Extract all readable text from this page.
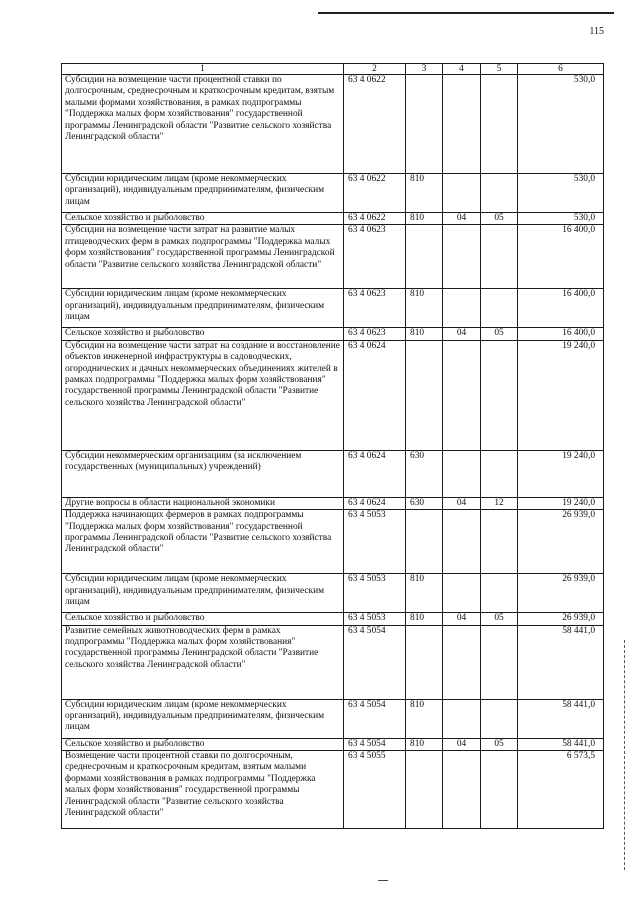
115
1	2	3	4	5	6
Субсидии на возмещение части процентной ставки по долгосрочным, среднесрочным и краткосрочным кредитам, взятым малыми формами хозяйствования, в рамках подпрограммы "Поддержка малых форм хозяйствования" государственной программы Ленинградской области "Развитие сельского хозяйства Ленинградской области"	63 4 0622				530,0
Субсидии юридическим лицам (кроме некоммерческих организаций), индивидуальным предпринимателям, физическим лицам	63 4 0622	810			530,0
Сельское хозяйство и рыболовство	63 4 0622	810	04	05	530,0
Субсидии на возмещение части затрат на развитие малых птицеводческих ферм в рамках подпрограммы "Поддержка малых форм хозяйствования" государственной программы Ленинградской области "Развитие сельского хозяйства Ленинградской области"	63 4 0623				16 400,0
Субсидии юридическим лицам (кроме некоммерческих организаций), индивидуальным предпринимателям, физическим лицам	63 4 0623	810			16 400,0
Сельское хозяйство и рыболовство	63 4 0623	810	04	05	16 400,0
Субсидии на возмещение части затрат на создание и восстановление объектов инженерной инфраструктуры в садоводческих, огороднических и дачных некоммерческих объединениях жителей в рамках подпрограммы "Поддержка малых форм хозяйствования" государственной программы Ленинградской области "Развитие сельского хозяйства Ленинградской области"	63 4 0624				19 240,0
Субсидии некоммерческим организациям (за исключением государственных (муниципальных) учреждений)	63 4 0624	630			19 240,0
Другие вопросы в области национальной экономики	63 4 0624	630	04	12	19 240,0
Поддержка начинающих фермеров в рамках подпрограммы "Поддержка малых форм хозяйствования" государственной программы Ленинградской области "Развитие сельского хозяйства Ленинградской области"	63 4 5053				26 939,0
Субсидии юридическим лицам (кроме некоммерческих организаций), индивидуальным предпринимателям, физическим лицам	63 4 5053	810			26 939,0
Сельское хозяйство и рыболовство	63 4 5053	810	04	05	26 939,0
Развитие семейных животноводческих ферм в рамках подпрограммы "Поддержка малых форм хозяйствования" государственной программы Ленинградской области "Развитие сельского хозяйства Ленинградской области"	63 4 5054				58 441,0
Субсидии юридическим лицам (кроме некоммерческих организаций), индивидуальным предпринимателям, физическим лицам	63 4 5054	810			58 441,0
Сельское хозяйство и рыболовство	63 4 5054	810	04	05	58 441,0
Возмещение части процентной ставки по долгосрочным, среднесрочным и краткосрочным кредитам, взятым малыми формами хозяйствования в рамках подпрограммы "Поддержка малых форм хозяйствования" государственной программы Ленинградской области "Развитие сельского хозяйства Ленинградской области"	63 4 5055				6 573,5
